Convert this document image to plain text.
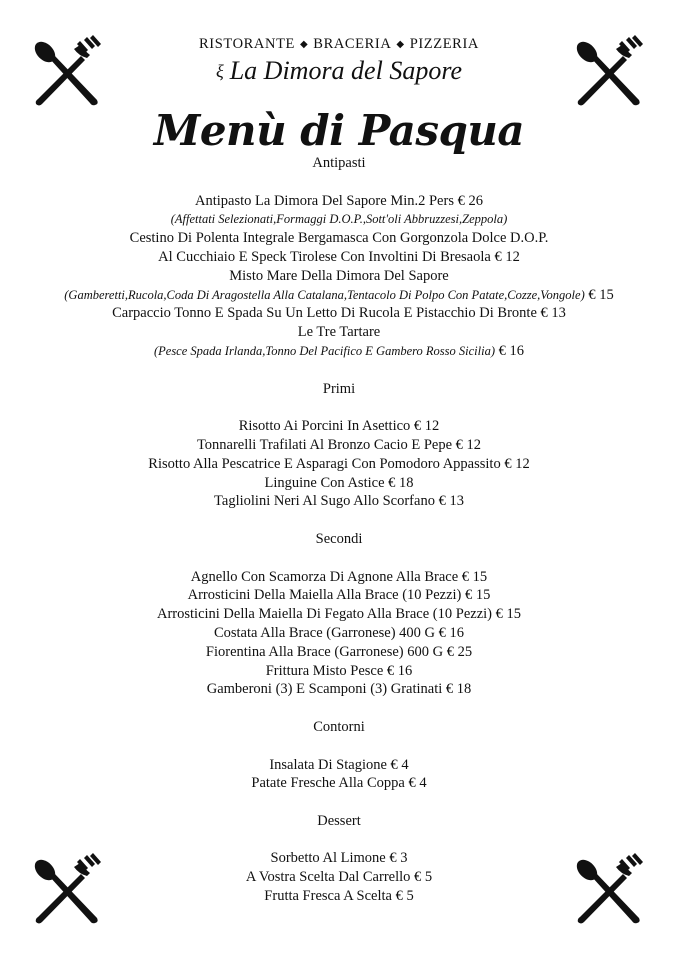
RISTORANTE ◆ BRACERIA ◆ PIZZERIA
ξ La Dimora del Sapore
Menù di Pasqua
Antipasti
Antipasto La Dimora Del Sapore Min.2 Pers € 26
(Affettati Selezionati,Formaggi D.O.P.,Sott'oli Abbruzzesi,Zeppola)
Cestino Di Polenta Integrale Bergamasca Con Gorgonzola Dolce D.O.P.
Al Cucchiaio E Speck Tirolese Con Involtini Di Bresaola € 12
Misto Mare Della Dimora Del Sapore
(Gamberetti,Rucola,Coda Di Aragostella Alla Catalana,Tentacolo Di Polpo Con Patate,Cozze,Vongole) € 15
Carpaccio Tonno E Spada Su Un Letto Di Rucola E Pistacchio Di Bronte € 13
Le Tre Tartare
(Pesce Spada Irlanda,Tonno Del Pacifico E Gambero Rosso Sicilia) € 16
Primi
Risotto Ai Porcini In Asettico € 12
Tonnarelli Trafilati Al Bronzo Cacio E Pepe € 12
Risotto Alla Pescatrice E Asparagi Con Pomodoro Appassito € 12
Linguine Con Astice € 18
Tagliolini Neri Al Sugo Allo Scorfano € 13
Secondi
Agnello Con Scamorza Di Agnone Alla Brace € 15
Arrosticini Della Maiella Alla Brace (10 Pezzi) € 15
Arrosticini Della Maiella Di Fegato Alla Brace (10 Pezzi) € 15
Costata Alla Brace (Garronese) 400 G € 16
Fiorentina Alla Brace (Garronese) 600 G € 25
Frittura Misto Pesce € 16
Gamberoni (3) E Scamponi (3) Gratinati € 18
Contorni
Insalata Di Stagione € 4
Patate Fresche Alla Coppa € 4
Dessert
Sorbetto Al Limone € 3
A Vostra Scelta Dal Carrello € 5
Frutta Fresca A Scelta € 5
